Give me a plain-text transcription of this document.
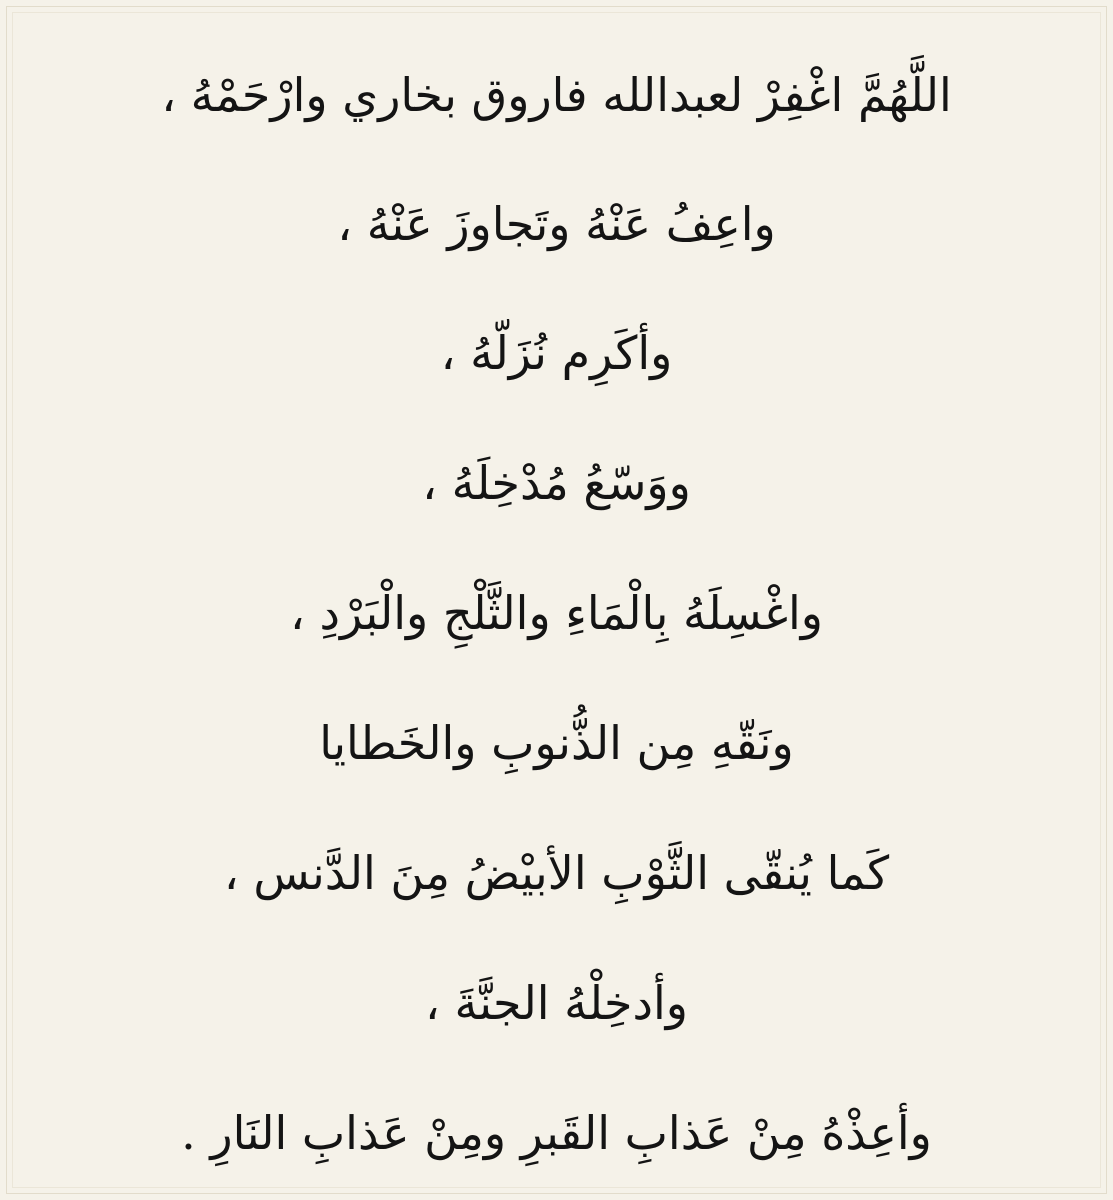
اللَّهُمَّ اغْفِرْ لعبدالله فاروق بخاري وارْحَمْهُ ،
واعِفُ عَنْهُ وتَجاوزَ عَنْهُ ،
وأكَرِم نُزَلّهُ ،
ووَسّعُ مُدْخِلَهُ ،
واغْسِلَهُ بِالْمَاءِ والثَّلْجِ والْبَرْدِ ،
ونَقّهِ مِن الذُّنوبِ والخَطايا
كَما يُنقّى الثَّوْبِ الأبيْضُ مِنَ الدَّنس ،
وأدخِلْهُ الجنَّةَ ،
وأعِذْهُ مِنْ عَذابِ القَبرِ ومِنْ عَذابِ النَارِ .
